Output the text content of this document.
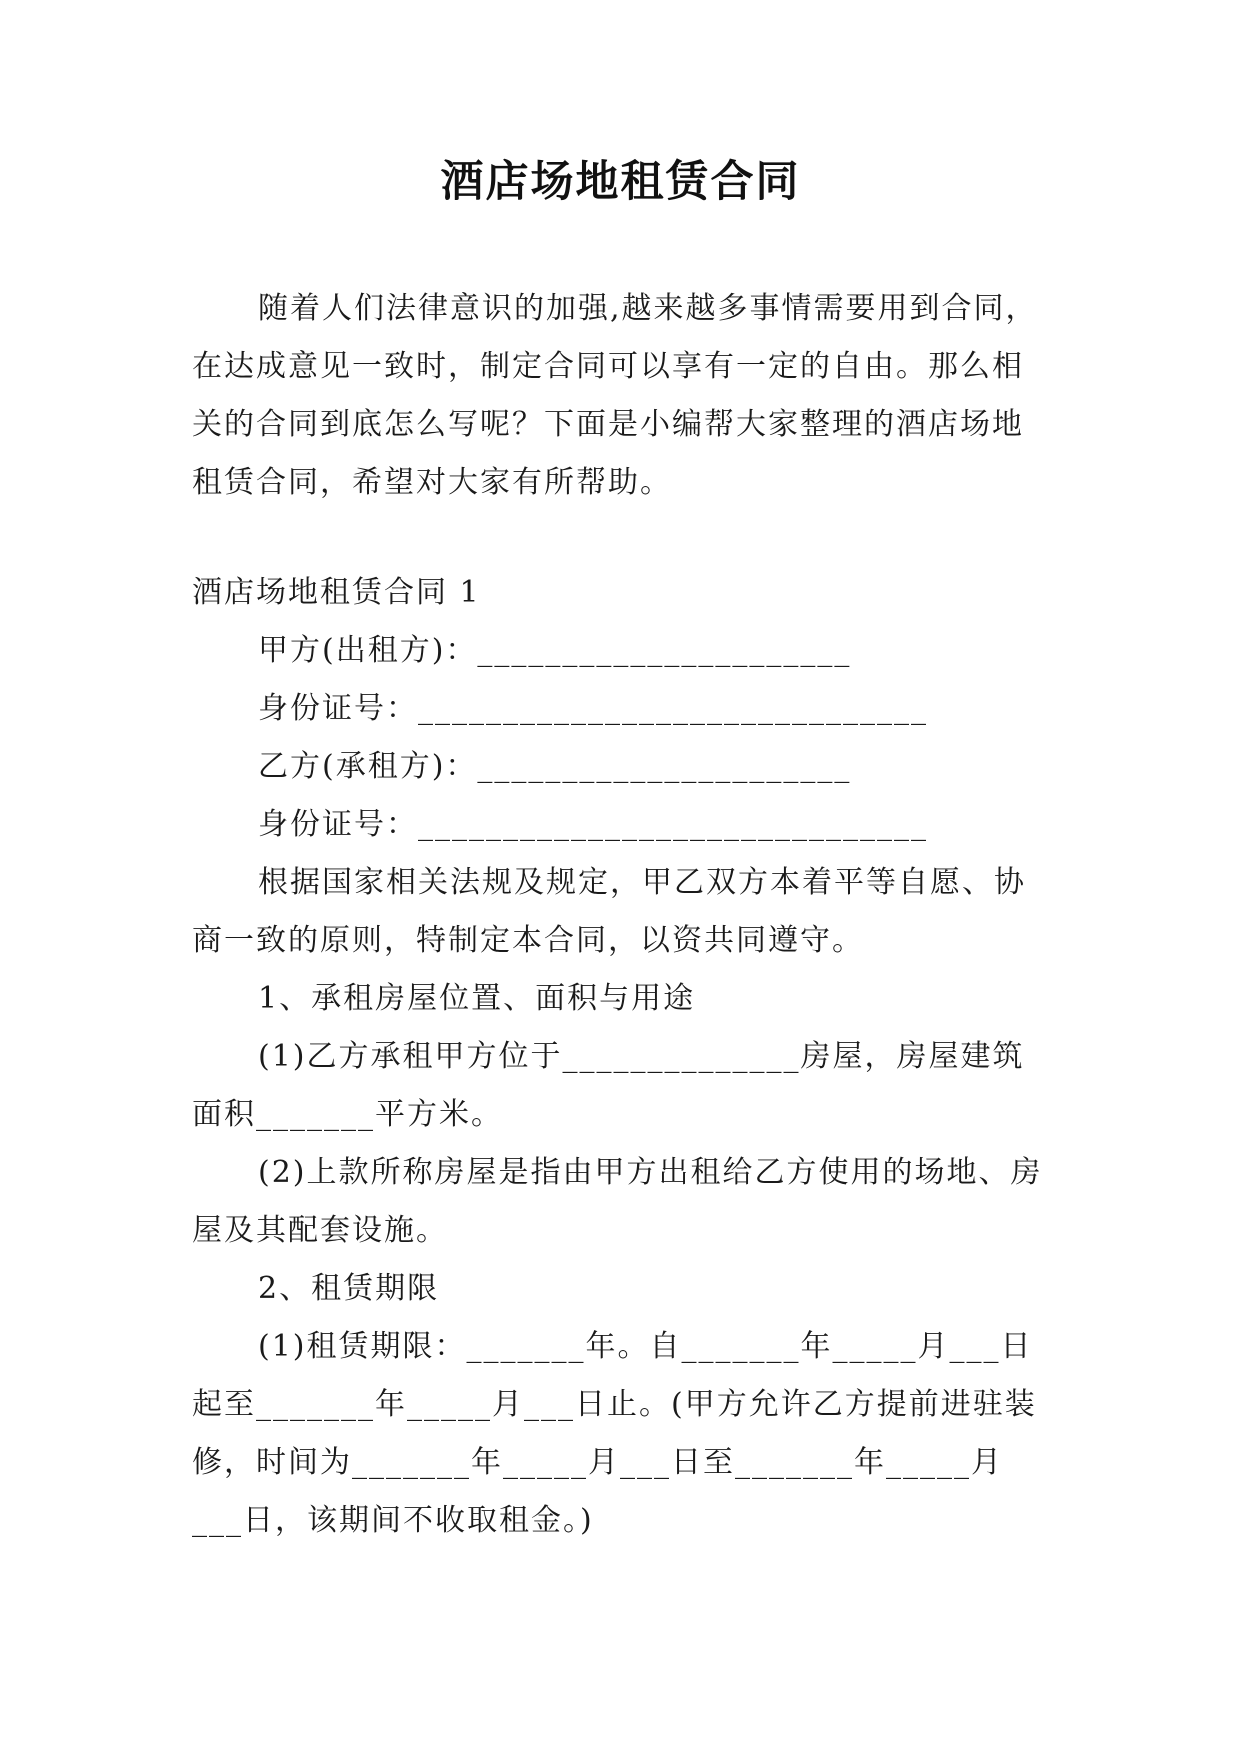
酒店场地租赁合同

随着人们法律意识的加强,越来越多事情需要用到合同，在达成意见一致时，制定合同可以享有一定的自由。那么相关的合同到底怎么写呢？下面是小编帮大家整理的酒店场地租赁合同，希望对大家有所帮助。

酒店场地租赁合同 1

甲方(出租方)：______________________

身份证号：______________________________

乙方(承租方)：______________________

身份证号：______________________________

根据国家相关法规及规定，甲乙双方本着平等自愿、协商一致的原则，特制定本合同，以资共同遵守。

1、承租房屋位置、面积与用途

(1)乙方承租甲方位于______________房屋，房屋建筑面积_______平方米。

(2)上款所称房屋是指由甲方出租给乙方使用的场地、房屋及其配套设施。

2、租赁期限

(1)租赁期限：_______年。自_______年_____月___日起至_______年_____月___日止。(甲方允许乙方提前进驻装修，时间为_______年_____月___日至_______年_____月___日，该期间不收取租金。)
